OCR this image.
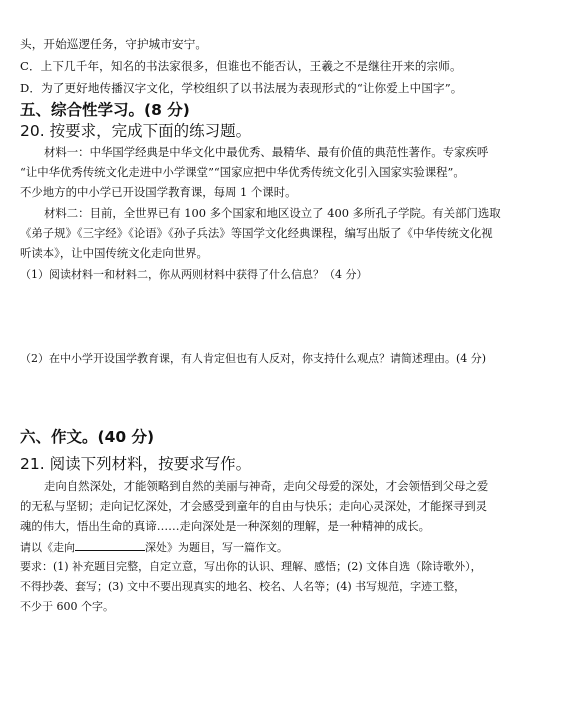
头，开始巡逻任务，守护城市安宁。
C．上下几千年，知名的书法家很多，但谁也不能否认，王羲之不是继往开来的宗师。
D．为了更好地传播汉字文化，学校组织了以书法展为表现形式的“让你爱上中国字”。
五、综合性学习。(8 分)
20. 按要求，完成下面的练习题。
材料一：中华国学经典是中华文化中最优秀、最精华、最有价值的典范性著作。专家疾呼
“让中华优秀传统文化走进中小学课堂”“国家应把中华优秀传统文化引入国家实验课程”。
不少地方的中小学已开设国学教育课，每周 1 个课时。
材料二：目前，全世界已有 100 多个国家和地区设立了 400 多所孔子学院。有关部门选取
《弟子规》《三字经》《论语》《孙子兵法》等国学文化经典课程，编写出版了《中华传统文化视
听读本》，让中国传统文化走向世界。
（1）阅读材料一和材料二，你从两则材料中获得了什么信息？（4 分）
（2）在中小学开设国学教育课，有人肯定但也有人反对，你支持什么观点？请简述理由。(4 分)
六、作文。(40 分)
21. 阅读下列材料，按要求写作。
走向自然深处，才能领略到自然的美丽与神奇，走向父母爱的深处，才会领悟到父母之爱
的无私与坚韧；走向记忆深处，才会感受到童年的自由与快乐；走向心灵深处，才能探寻到灵
魂的伟大，悟出生命的真谛……走向深处是一种深刻的理解，是一种精神的成长。
请以《走向	深处》为题目，写一篇作文。
要求：(1) 补充题目完整，自定立意，写出你的认识、理解、感悟；(2) 文体自选（除诗歌外），
不得抄袭、套写；(3) 文中不要出现真实的地名、校名、人名等；(4) 书写规范，字迹工整，
不少于 600 个字。
